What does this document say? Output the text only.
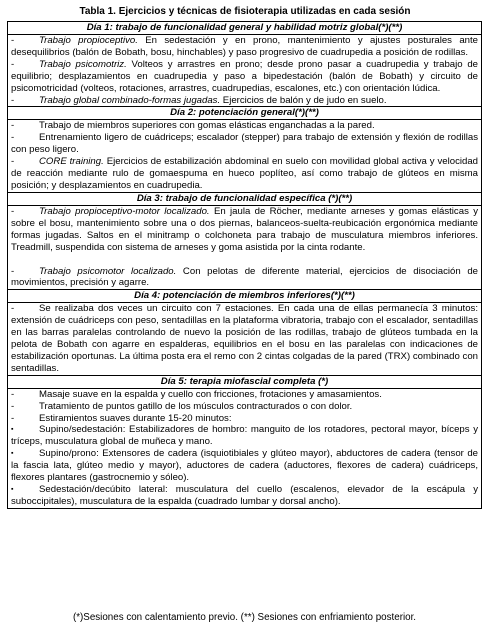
Tabla 1. Ejercicios y técnicas de fisioterapia utilizadas en cada sesión
Día 1: trabajo de funcionalidad general y habilidad motriz global(*)(**)

-	Trabajo propioceptivo. En sedestación y en prono, mantenimiento y ajustes posturales ante desequilibrios (balón de Bobath, bosu, hinchables) y paso progresivo de cuadrupedia a posición de rodillas.

-	Trabajo psicomotriz. Volteos y arrastres en prono; desde prono pasar a cuadrupedia y trabajo de equilibrio; desplazamientos en cuadrupedia y paso a bipedestación (balón de Bobath) y circuito de psicomotricidad (volteos, rotaciones, arrastres, cuadrupedias, escalones, etc.) con orientación lúdica.

-	Trabajo global combinado-formas jugadas. Ejercicios de balón y de judo en suelo.

Día 2: potenciación general(*)(**)

-	Trabajo de miembros superiores con gomas elásticas enganchadas a la pared.

-	Entrenamiento ligero de cuádriceps; escalador (stepper) para trabajo de extensión y flexión de rodillas con peso ligero.

-	CORE training. Ejercicios de estabilización abdominal en suelo con movilidad global activa y velocidad de reacción mediante rulo de gomaespuma en hueco poplíteo, así como trabajo de glúteos en misma posición; y desplazamientos en cuadrupedia.

Día 3: trabajo de funcionalidad específica (*)(**)

-	Trabajo propioceptivo-motor localizado. En jaula de Röcher, mediante arneses y gomas elásticas y sobre el bosu, mantenimiento sobre una o dos piernas, balanceos-suelta-reubicación ergonómica mediante formas jugadas. Saltos en el minitramp o colchoneta para trabajo de musculatura miembros inferiores. Treadmill, suspendida con sistema de arneses y goma asistida por la cinta rodante.

-	Trabajo psicomotor localizado. Con pelotas de diferente material, ejercicios de disociación de movimientos, precisión y agarre.

Día 4: potenciación de miembros inferiores(*)(**)

-	Se realizaba dos veces un circuito con 7 estaciones. En cada una de ellas permanecía 3 minutos: extensión de cuádriceps con peso, sentadillas en la plataforma vibratoria, trabajo con el escalador, sentadillas en las barras paralelas controlando de nuevo la posición de las rodillas, trabajo de glúteos tumbada en la pelota de Bobath con agarre en espalderas, equilibrios en el bosu en las paralelas con indicaciones de estabilización oportunas. La última posta era el remo con 2 cintas colgadas de la pared (TRX) combinado con sentadillas.

Día 5: terapia miofascial completa (*)

-	Masaje suave en la espalda y cuello con fricciones, frotaciones y amasamientos.

-	Tratamiento de puntos gatillo de los músculos contracturados o con dolor.

-	Estiramientos suaves durante 15-20 minutos:

▪	Supino/sedestación: Estabilizadores de hombro: manguito de los rotadores, pectoral mayor, bíceps y tríceps, musculatura global de muñeca y mano.

▪	Supino/prono: Extensores de cadera (isquiotibiales y glúteo mayor), abductores de cadera (tensor de la fascia lata, glúteo medio y mayor), aductores de cadera (aductores, flexores de cadera) cuádriceps, flexores plantares (gastrocnemio y sóleo).

▪	Sedestación/decúbito lateral: musculatura del cuello (escalenos, elevador de la escápula y suboccipitales), musculatura de la espalda (cuadrado lumbar y dorsal ancho).

(*)Sesiones con calentamiento previo. (**) Sesiones con enfriamiento posterior.
